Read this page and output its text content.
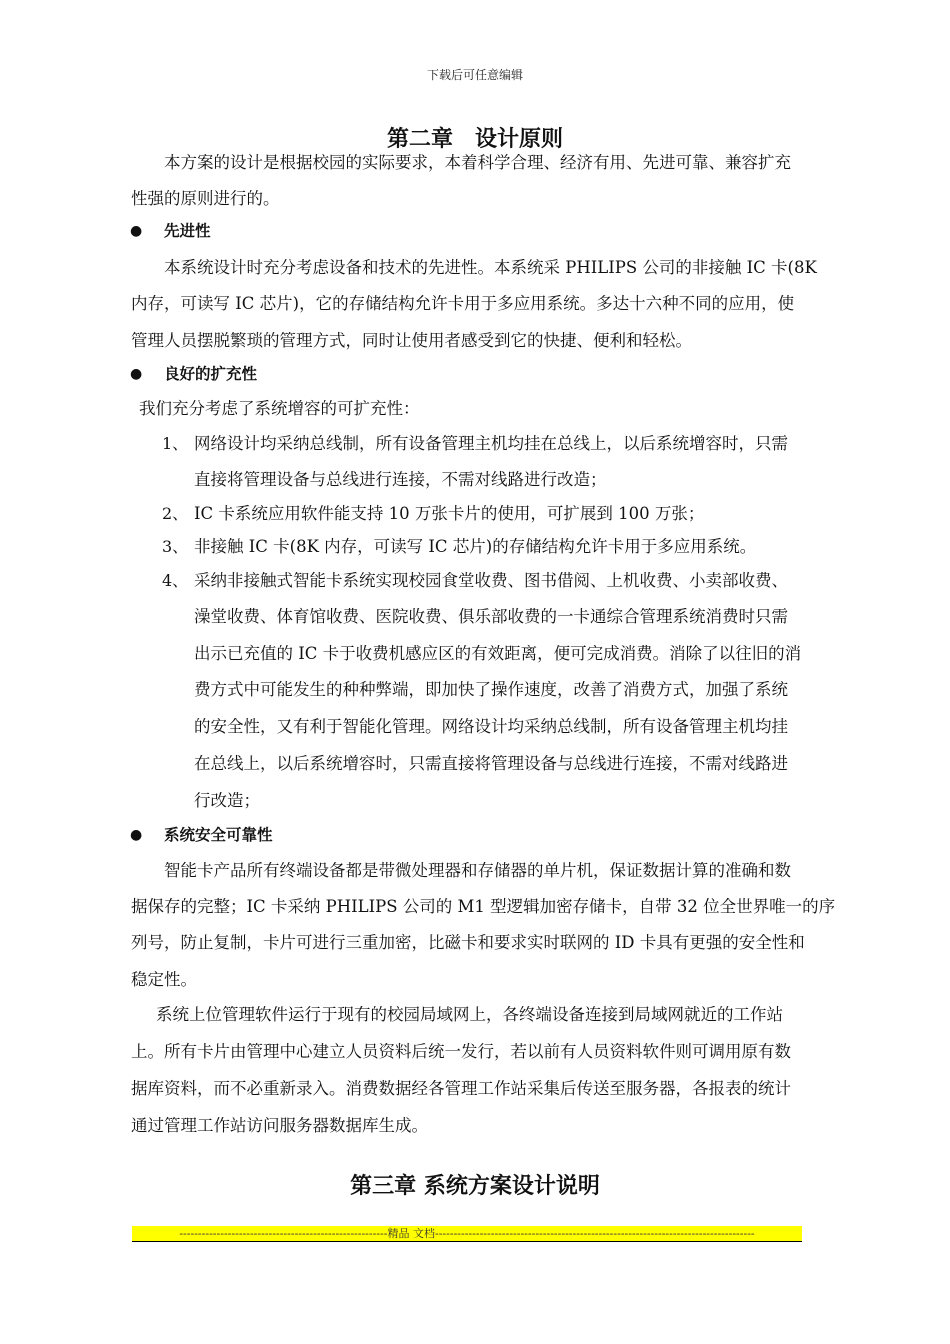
下载后可任意编辑
第二章　设计原则
本方案的设计是根据校园的实际要求，本着科学合理、经济有用、先进可靠、兼容扩充
性强的原则进行的。
● 先进性
本系统设计时充分考虑设备和技术的先进性。本系统采 PHILIPS 公司的非接触 IC 卡(8K
内存，可读写 IC 芯片)，它的存储结构允许卡用于多应用系统。多达十六种不同的应用，使
管理人员摆脱繁琐的管理方式，同时让使用者感受到它的快捷、便利和轻松。
● 良好的扩充性
我们充分考虑了系统增容的可扩充性：
1、 网络设计均采纳总线制，所有设备管理主机均挂在总线上，以后系统增容时，只需
直接将管理设备与总线进行连接，不需对线路进行改造；
2、 IC 卡系统应用软件能支持 10 万张卡片的使用，可扩展到 100 万张；
3、 非接触 IC 卡(8K 内存，可读写 IC 芯片)的存储结构允许卡用于多应用系统。
4、 采纳非接触式智能卡系统实现校园食堂收费、图书借阅、上机收费、小卖部收费、
澡堂收费、体育馆收费、医院收费、俱乐部收费的一卡通综合管理系统消费时只需
出示已充值的 IC 卡于收费机感应区的有效距离，便可完成消费。消除了以往旧的消
费方式中可能发生的种种弊端，即加快了操作速度，改善了消费方式，加强了系统
的安全性，又有利于智能化管理。网络设计均采纳总线制，所有设备管理主机均挂
在总线上，以后系统增容时，只需直接将管理设备与总线进行连接，不需对线路进
行改造；
● 系统安全可靠性
智能卡产品所有终端设备都是带微处理器和存储器的单片机，保证数据计算的准确和数
据保存的完整；IC 卡采纳 PHILIPS 公司的 M1 型逻辑加密存储卡，自带 32 位全世界唯一的序
列号，防止复制，卡片可进行三重加密，比磁卡和要求实时联网的 ID 卡具有更强的安全性和
稳定性。
系统上位管理软件运行于现有的校园局域网上，各终端设备连接到局域网就近的工作站
上。所有卡片由管理中心建立人员资料后统一发行，若以前有人员资料软件则可调用原有数
据库资料，而不必重新录入。消费数据经各管理工作站采集后传送至服务器，各报表的统计
通过管理工作站访问服务器数据库生成。
第三章 系统方案设计说明
--------------------------------------------------------精品 文档--------------------------------------------------------------------------------------
